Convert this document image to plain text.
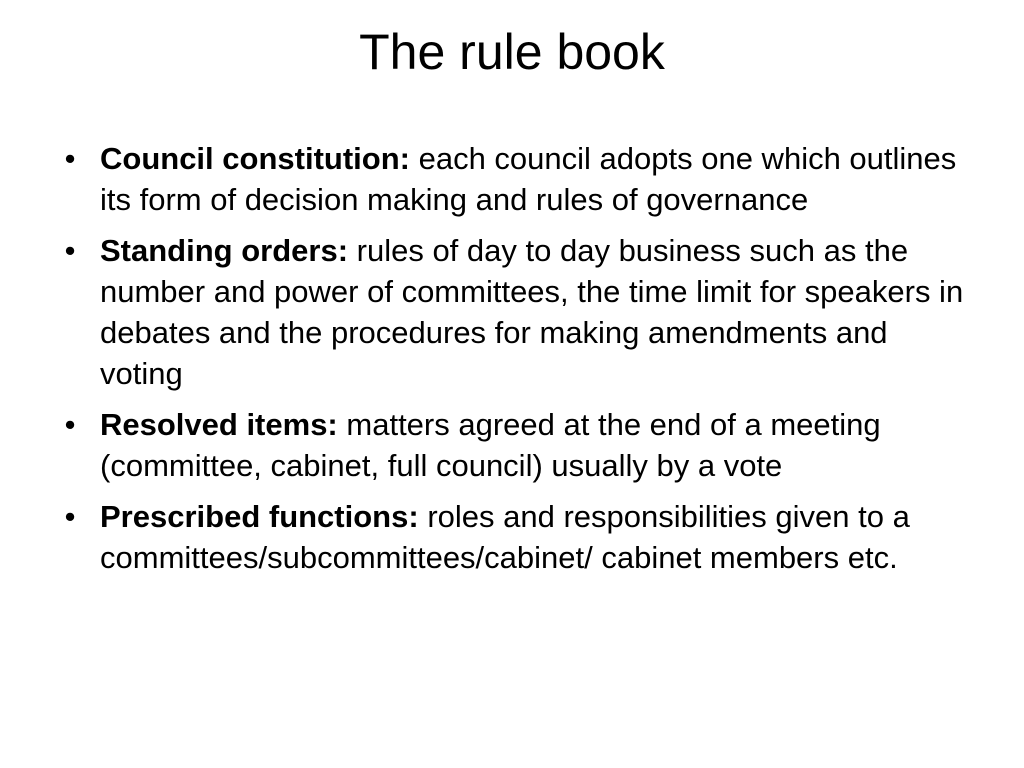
The rule book
• Council constitution: each council adopts one which outlines its form of decision making and rules of governance
• Standing orders: rules of day to day business such as the number and power of committees, the time limit for speakers in debates and the procedures for making amendments and voting
• Resolved items: matters agreed at the end of a meeting (committee, cabinet, full council) usually by a vote
• Prescribed functions: roles and responsibilities given to a committees/subcommittees/cabinet/ cabinet members etc.
